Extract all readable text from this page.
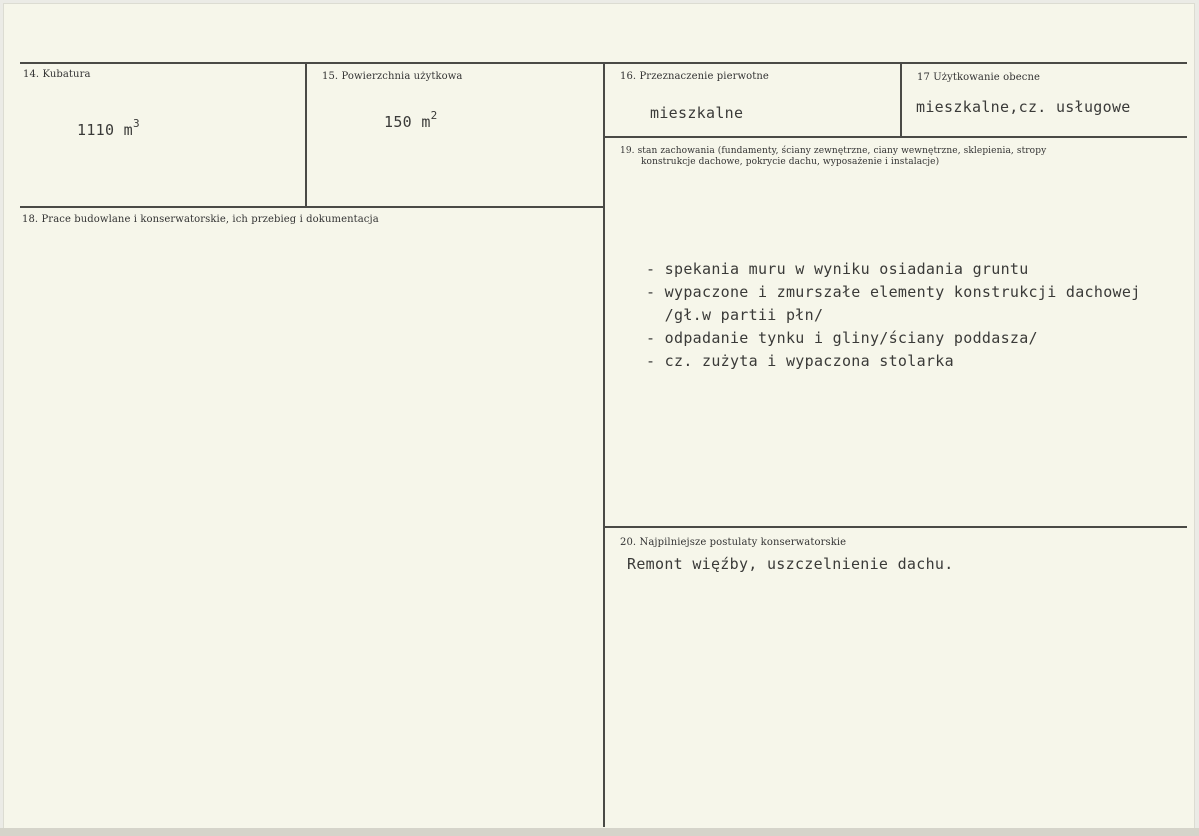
14. Kubatura
1110 $m^3$
15. Powierzchnia użytkowa
150 $m^2$
16. Przeznaczenie pierwotne
mieszkalne
17 Użytkowanie obecne
mieszkalne,cz. usługowe
18. Prace budowlane i konserwatorskie, ich przebieg i dokumentacja
19. stan zachowania (fundamenty, ściany zewnętrzne, ciany wewnętrzne, sklepienia, stropy
konstrukcje dachowe, pokrycie dachu, wyposażenie i instalacje)
- spekania muru w wyniku osiadania gruntu
- wypaczone i zmurszałe elementy konstrukcji dachowej
/gł.w partii płn/
- odpadanie tynku i gliny/ściany poddasza/
- cz. zużyta i wypaczona stolarka
20. Najpilniejsze postulaty konserwatorskie
Remont więźby, uszczelnienie dachu.
